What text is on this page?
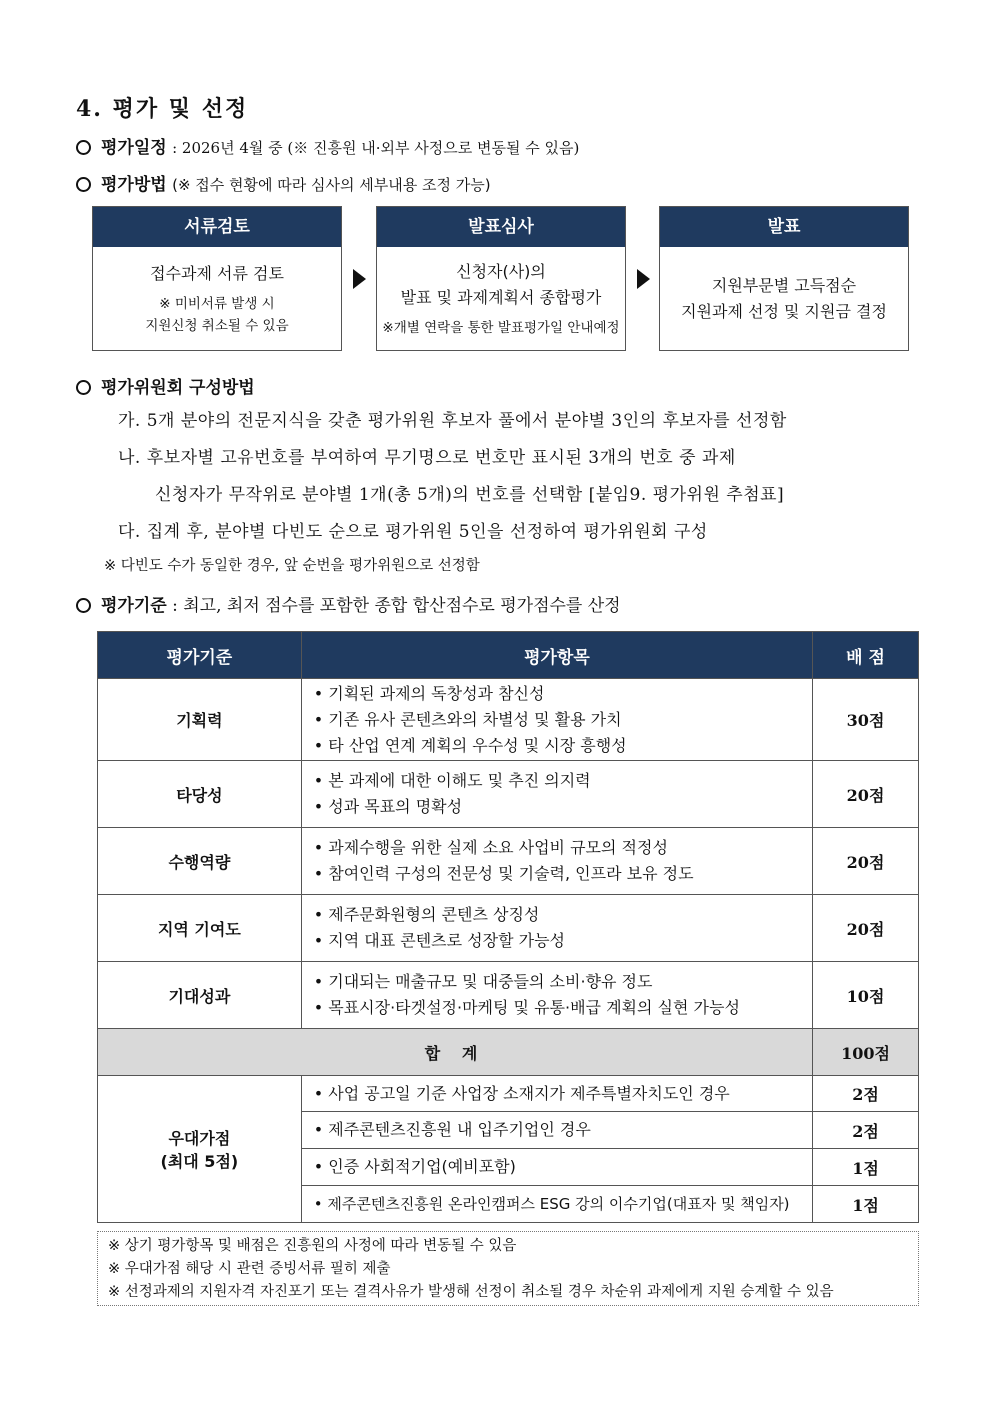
4. 평가 및 선정
평가일정 : 2026년 4월 중 (※ 진흥원 내·외부 사정으로 변동될 수 있음)
평가방법 (※ 접수 현황에 따라 심사의 세부내용 조정 가능)
서류검토
접수과제 서류 검토
※ 미비서류 발생 시
지원신청 취소될 수 있음
발표심사
신청자(사)의
발표 및 과제계획서 종합평가
※개별 연락을 통한 발표평가일 안내예정
발표
지원부문별 고득점순
지원과제 선정 및 지원금 결정
평가위원회 구성방법
가. 5개 분야의 전문지식을 갖춘 평가위원 후보자 풀에서 분야별 3인의 후보자를 선정함
나. 후보자별 고유번호를 부여하여 무기명으로 번호만 표시된 3개의 번호 중 과제
신청자가 무작위로 분야별 1개(총 5개)의 번호를 선택함 [붙임9. 평가위원 추첨표]
다. 집계 후, 분야별 다빈도 순으로 평가위원 5인을 선정하여 평가위원회 구성
※ 다빈도 수가 동일한 경우, 앞 순번을 평가위원으로 선정함
평가기준 : 최고, 최저 점수를 포함한 종합 합산점수로 평가점수를 산정
평가기준	평가항목	배 점
기획력	• 기획된 과제의 독창성과 참신성
• 기존 유사 콘텐츠와의 차별성 및 활용 가치
• 타 산업 연계 계획의 우수성 및 시장 흥행성	30점
타당성	• 본 과제에 대한 이해도 및 추진 의지력
• 성과 목표의 명확성	20점
수행역량	• 과제수행을 위한 실제 소요 사업비 규모의 적정성
• 참여인력 구성의 전문성 및 기술력, 인프라 보유 정도	20점
지역 기여도	• 제주문화원형의 콘텐츠 상징성
• 지역 대표 콘텐츠로 성장할 가능성	20점
기대성과	• 기대되는 매출규모 및 대중들의 소비·향유 정도
• 목표시장·타겟설정·마케팅 및 유통·배급 계획의 실현 가능성	10점
합 계		100점

우대가점
(최대 5점)	• 사업 공고일 기준 사업장 소재지가 제주특별자치도인 경우	2점
	• 제주콘텐츠진흥원 내 입주기업인 경우	2점
	• 인증 사회적기업(예비포함)	1점
	• 제주콘텐츠진흥원 온라인캠퍼스 ESG 강의 이수기업(대표자 및 책임자)	1점
※ 상기 평가항목 및 배점은 진흥원의 사정에 따라 변동될 수 있음
※ 우대가점 해당 시 관련 증빙서류 필히 제출
※ 선정과제의 지원자격 자진포기 또는 결격사유가 발생해 선정이 취소될 경우 차순위 과제에게 지원 승계할 수 있음
